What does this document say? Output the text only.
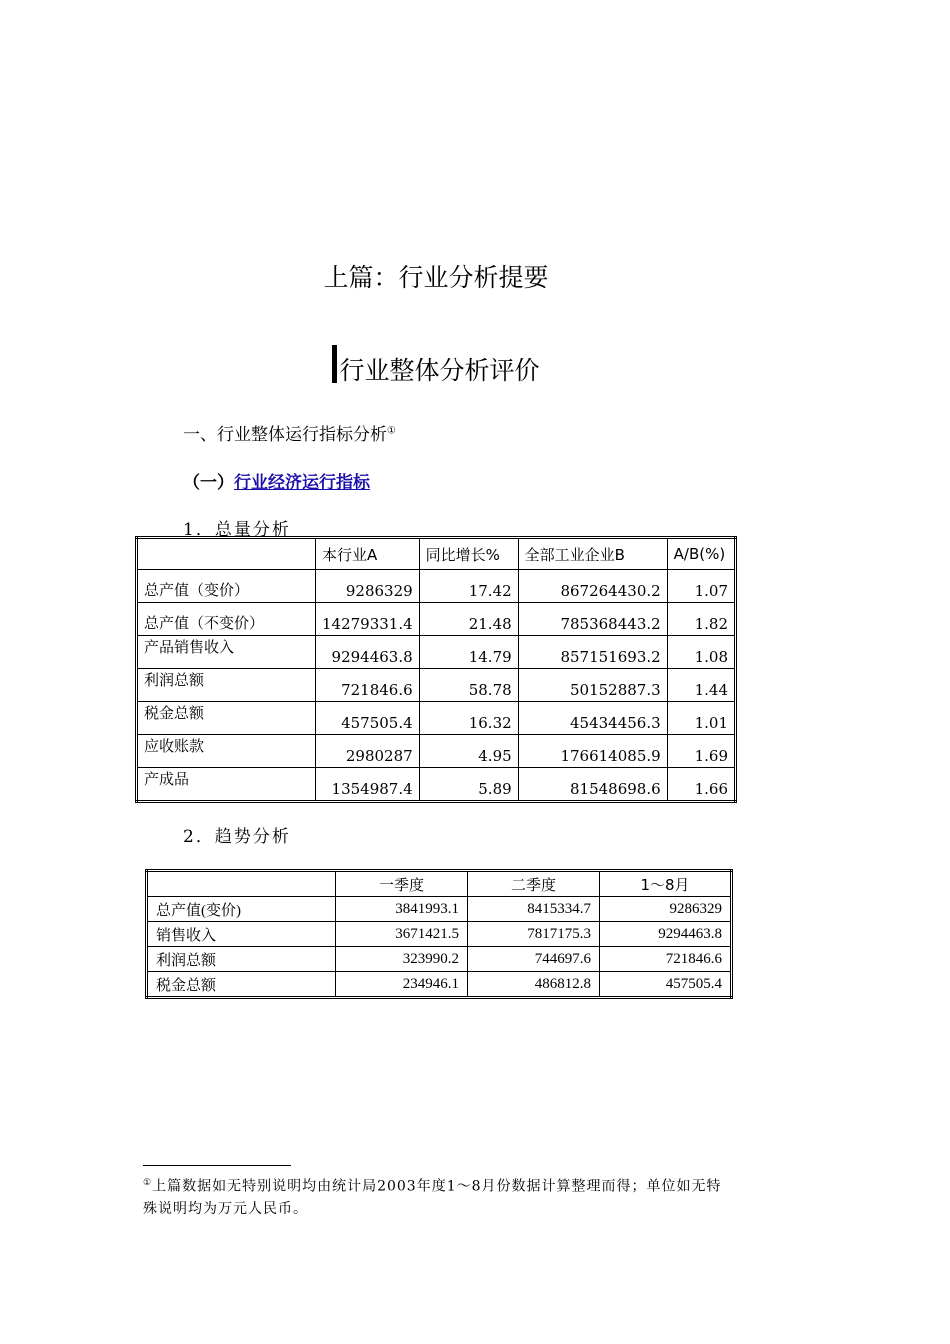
上篇：行业分析提要
行业整体分析评价
一、行业整体运行指标分析①
（一）行业经济运行指标
1．总量分析
	本行业A	同比增长%	全部工业企业B	A/B(%)
总产值（变价）	9286329	17.42	867264430.2	1.07
总产值（不变价）	14279331.4	21.48	785368443.2	1.82
产品销售收入	9294463.8	14.79	857151693.2	1.08
利润总额	721846.6	58.78	50152887.3	1.44
税金总额	457505.4	16.32	45434456.3	1.01
应收账款	2980287	4.95	176614085.9	1.69
产成品	1354987.4	5.89	81548698.6	1.66
2．趋势分析
	一季度	二季度	1～8月
总产值(变价)	3841993.1	8415334.7	9286329
销售收入	3671421.5	7817175.3	9294463.8
利润总额	323990.2	744697.6	721846.6
税金总额	234946.1	486812.8	457505.4
①上篇数据如无特别说明均由统计局2003年度1～8月份数据计算整理而得；单位如无特殊说明均为万元人民币。
